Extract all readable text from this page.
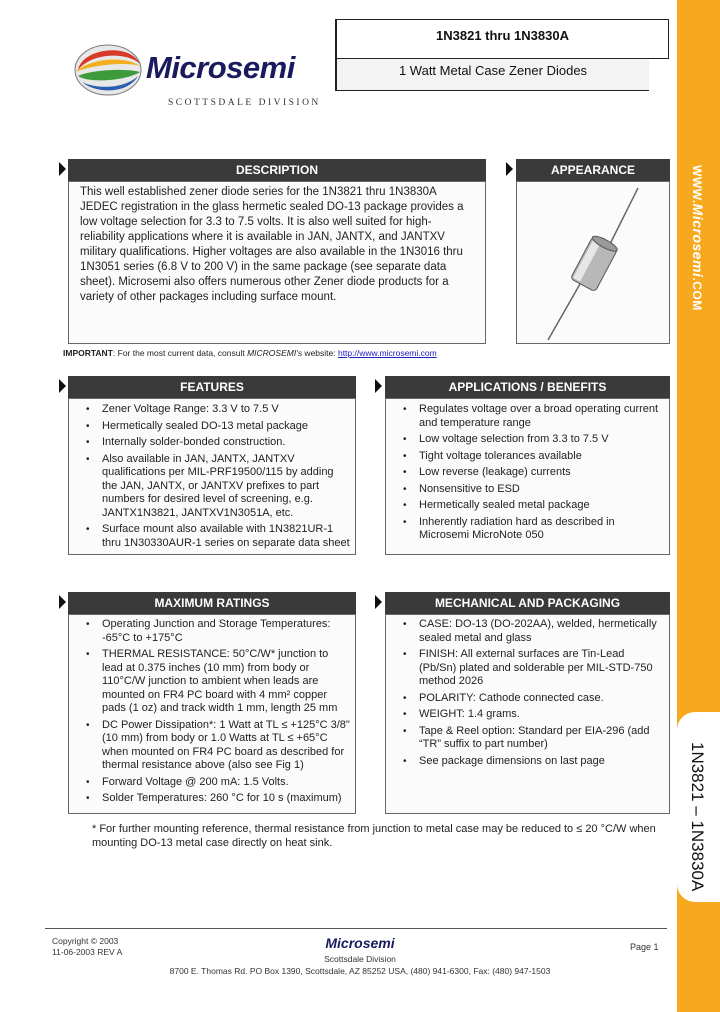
WWW.Microsemi.COM
1N3821 – 1N3830A
Microsemi
SCOTTSDALE DIVISION
1N3821 thru 1N3830A
1 Watt Metal Case Zener Diodes
DESCRIPTION
This well established zener diode series for the 1N3821 thru 1N3830A JEDEC registration in the glass hermetic sealed DO-13 package provides a low voltage selection for 3.3 to 7.5 volts. It is also well suited for high-reliability applications where it is available in JAN, JANTX, and JANTXV military qualifications. Higher voltages are also available in the 1N3016 thru 1N3051 series (6.8 V to 200 V) in the same package (see separate data sheet). Microsemi also offers numerous other Zener diode products for a variety of other packages including surface mount.
APPEARANCE
IMPORTANT: For the most current data, consult MICROSEMI's website: http://www.microsemi.com
FEATURES
• Zener Voltage Range: 3.3 V to 7.5 V
• Hermetically sealed DO-13 metal package
• Internally solder-bonded construction.
• Also available in JAN, JANTX, JANTXV qualifications per MIL-PRF19500/115 by adding the JAN, JANTX, or JANTXV prefixes to part numbers for desired level of screening, e.g. JANTX1N3821, JANTXV1N3051A, etc.
• Surface mount also available with 1N3821UR-1 thru 1N30330AUR-1 series on separate data sheet
APPLICATIONS / BENEFITS
• Regulates voltage over a broad operating current and temperature range
• Low voltage selection from 3.3 to 7.5 V
• Tight voltage tolerances available
• Low reverse (leakage) currents
• Nonsensitive to ESD
• Hermetically sealed metal package
• Inherently radiation hard as described in Microsemi MicroNote 050
MAXIMUM RATINGS
• Operating Junction and Storage Temperatures: -65°C to +175°C
• THERMAL RESISTANCE: 50°C/W* junction to lead at 0.375 inches (10 mm) from body or 110°C/W junction to ambient when leads are mounted on FR4 PC board with 4 mm² copper pads (1 oz) and track width 1 mm, length 25 mm
• DC Power Dissipation*: 1 Watt at TL ≤ +125°C 3/8" (10 mm) from body or 1.0 Watts at TL ≤ +65°C when mounted on FR4 PC board as described for thermal resistance above (also see Fig 1)
• Forward Voltage @ 200 mA: 1.5 Volts.
• Solder Temperatures: 260 °C for 10 s (maximum)
MECHANICAL AND PACKAGING
• CASE: DO-13 (DO-202AA), welded, hermetically sealed metal and glass
• FINISH: All external surfaces are Tin-Lead (Pb/Sn) plated and solderable per MIL-STD-750 method 2026
• POLARITY: Cathode connected case.
• WEIGHT: 1.4 grams.
• Tape & Reel option: Standard per EIA-296 (add “TR” suffix to part number)
• See package dimensions on last page
* For further mounting reference, thermal resistance from junction to metal case may be reduced to ≤ 20 °C/W when mounting DO-13 metal case directly on heat sink.
Copyright © 2003
11-06-2003 REV A
Microsemi
Scottsdale Division
8700 E. Thomas Rd. PO Box 1390, Scottsdale, AZ 85252 USA, (480) 941-6300, Fax: (480) 947-1503
Page 1
